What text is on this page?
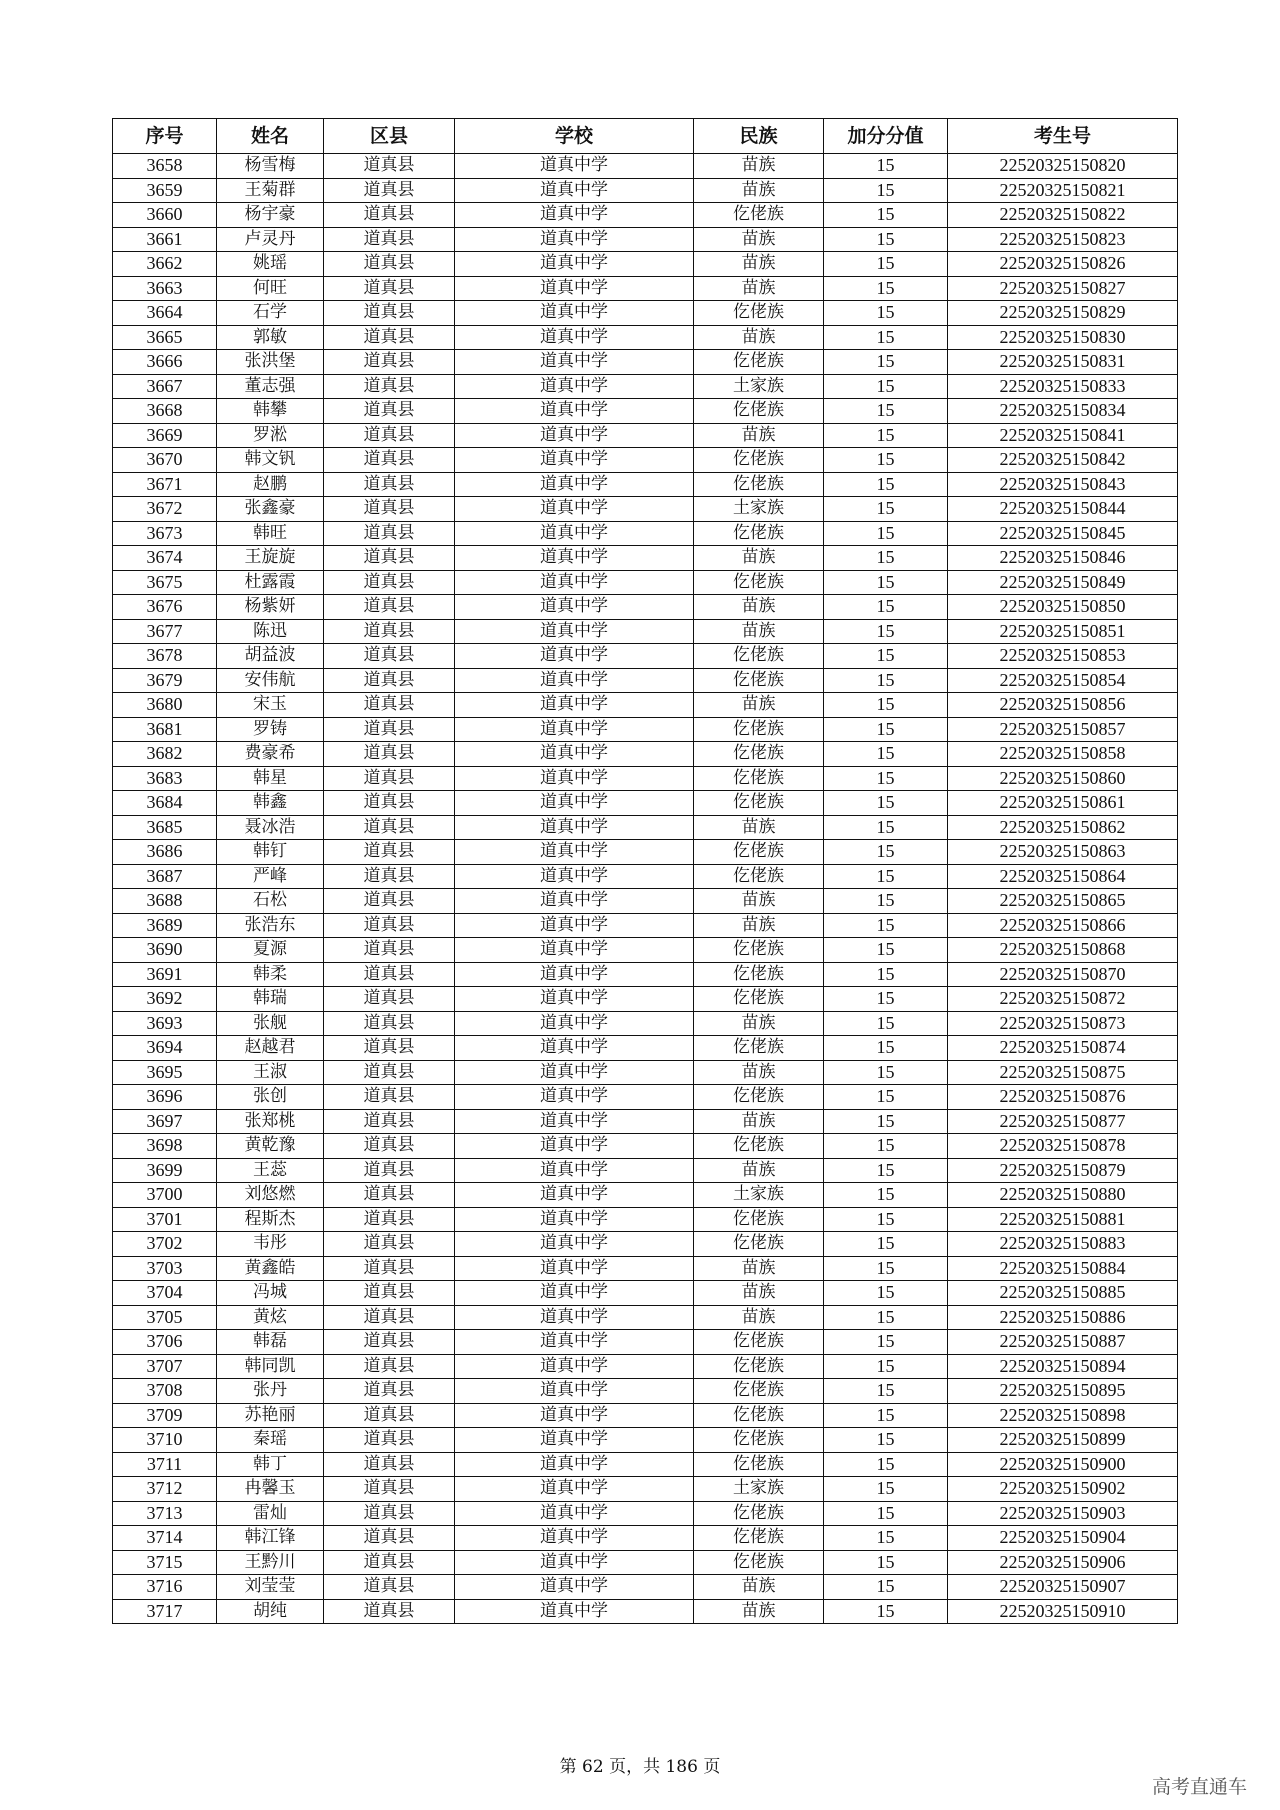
序号	姓名	区县	学校	民族	加分分值	考生号
3658	杨雪梅	道真县	道真中学	苗族	15	22520325150820
3659	王菊群	道真县	道真中学	苗族	15	22520325150821
3660	杨宇豪	道真县	道真中学	仡佬族	15	22520325150822
3661	卢灵丹	道真县	道真中学	苗族	15	22520325150823
3662	姚瑶	道真县	道真中学	苗族	15	22520325150826
3663	何旺	道真县	道真中学	苗族	15	22520325150827
3664	石学	道真县	道真中学	仡佬族	15	22520325150829
3665	郭敏	道真县	道真中学	苗族	15	22520325150830
3666	张洪堡	道真县	道真中学	仡佬族	15	22520325150831
3667	董志强	道真县	道真中学	土家族	15	22520325150833
3668	韩攀	道真县	道真中学	仡佬族	15	22520325150834
3669	罗淞	道真县	道真中学	苗族	15	22520325150841
3670	韩文钒	道真县	道真中学	仡佬族	15	22520325150842
3671	赵鹏	道真县	道真中学	仡佬族	15	22520325150843
3672	张鑫豪	道真县	道真中学	土家族	15	22520325150844
3673	韩旺	道真县	道真中学	仡佬族	15	22520325150845
3674	王旋旋	道真县	道真中学	苗族	15	22520325150846
3675	杜露霞	道真县	道真中学	仡佬族	15	22520325150849
3676	杨紫妍	道真县	道真中学	苗族	15	22520325150850
3677	陈迅	道真县	道真中学	苗族	15	22520325150851
3678	胡益波	道真县	道真中学	仡佬族	15	22520325150853
3679	安伟航	道真县	道真中学	仡佬族	15	22520325150854
3680	宋玉	道真县	道真中学	苗族	15	22520325150856
3681	罗铸	道真县	道真中学	仡佬族	15	22520325150857
3682	费豪希	道真县	道真中学	仡佬族	15	22520325150858
3683	韩星	道真县	道真中学	仡佬族	15	22520325150860
3684	韩鑫	道真县	道真中学	仡佬族	15	22520325150861
3685	聂冰浩	道真县	道真中学	苗族	15	22520325150862
3686	韩钉	道真县	道真中学	仡佬族	15	22520325150863
3687	严峰	道真县	道真中学	仡佬族	15	22520325150864
3688	石松	道真县	道真中学	苗族	15	22520325150865
3689	张浩东	道真县	道真中学	苗族	15	22520325150866
3690	夏源	道真县	道真中学	仡佬族	15	22520325150868
3691	韩柔	道真县	道真中学	仡佬族	15	22520325150870
3692	韩瑞	道真县	道真中学	仡佬族	15	22520325150872
3693	张舰	道真县	道真中学	苗族	15	22520325150873
3694	赵越君	道真县	道真中学	仡佬族	15	22520325150874
3695	王淑	道真县	道真中学	苗族	15	22520325150875
3696	张创	道真县	道真中学	仡佬族	15	22520325150876
3697	张郑桃	道真县	道真中学	苗族	15	22520325150877
3698	黄乾豫	道真县	道真中学	仡佬族	15	22520325150878
3699	王蕊	道真县	道真中学	苗族	15	22520325150879
3700	刘悠燃	道真县	道真中学	土家族	15	22520325150880
3701	程斯杰	道真县	道真中学	仡佬族	15	22520325150881
3702	韦彤	道真县	道真中学	仡佬族	15	22520325150883
3703	黄鑫皓	道真县	道真中学	苗族	15	22520325150884
3704	冯城	道真县	道真中学	苗族	15	22520325150885
3705	黄炫	道真县	道真中学	苗族	15	22520325150886
3706	韩磊	道真县	道真中学	仡佬族	15	22520325150887
3707	韩同凯	道真县	道真中学	仡佬族	15	22520325150894
3708	张丹	道真县	道真中学	仡佬族	15	22520325150895
3709	苏艳丽	道真县	道真中学	仡佬族	15	22520325150898
3710	秦瑶	道真县	道真中学	仡佬族	15	22520325150899
3711	韩丁	道真县	道真中学	仡佬族	15	22520325150900
3712	冉馨玉	道真县	道真中学	土家族	15	22520325150902
3713	雷灿	道真县	道真中学	仡佬族	15	22520325150903
3714	韩江锋	道真县	道真中学	仡佬族	15	22520325150904
3715	王黔川	道真县	道真中学	仡佬族	15	22520325150906
3716	刘莹莹	道真县	道真中学	苗族	15	22520325150907
3717	胡纯	道真县	道真中学	苗族	15	22520325150910
第 62 页，共 186 页
高考直通车
